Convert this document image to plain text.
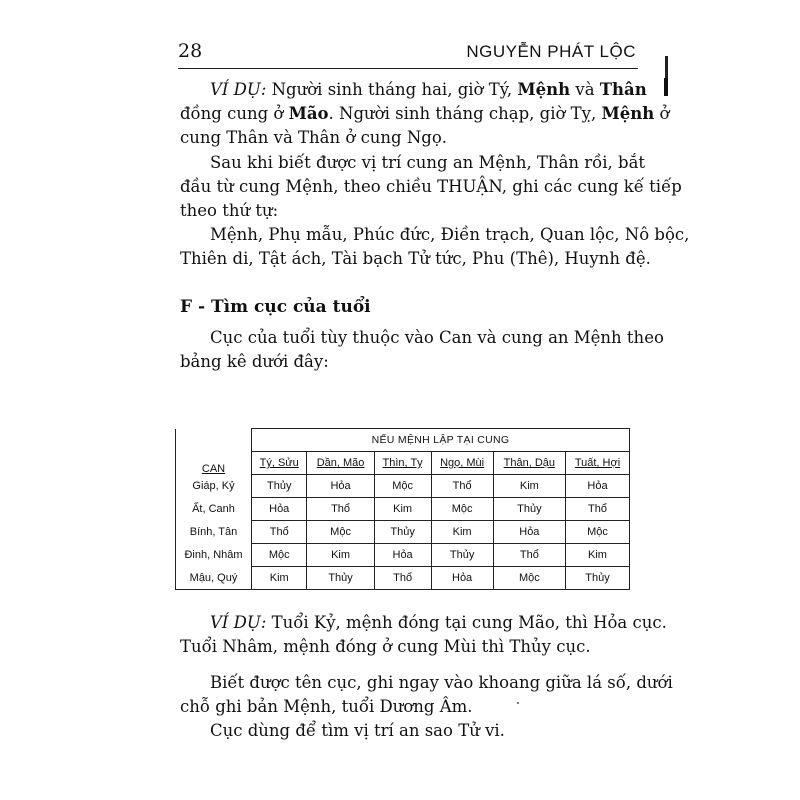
28	NGUYỄN PHÁT LỘC
VÍ DỤ: Người sinh tháng hai, giờ Tý, Mệnh và Thân
đồng cung ở Mão. Người sinh tháng chạp, giờ Tỵ, Mệnh ở
cung Thân và Thân ở cung Ngọ.
Sau khi biết được vị trí cung an Mệnh, Thân rồi, bắt
đầu từ cung Mệnh, theo chiều THUẬN, ghi các cung kế tiếp
theo thứ tự:
Mệnh, Phụ mẫu, Phúc đức, Điền trạch, Quan lộc, Nô bộc,
Thiên di, Tật ách, Tài bạch Tử tức, Phu (Thê), Huynh đệ.
F - Tìm cục của tuổi
Cục của tuổi tùy thuộc vào Can và cung an Mệnh theo
bảng kê dưới đây:
CAN	NẾU MỆNH LẬP TẠI CUNG					
	Tý, Sửu	Dần, Mão	Thìn, Tỵ	Ngọ, Mùi	Thân, Dậu	Tuất, Hợi
Giáp, Kỷ	Thủy	Hỏa	Mộc	Thổ	Kim	Hỏa
Ất, Canh	Hỏa	Thổ	Kim	Mộc	Thủy	Thổ
Bính, Tân	Thổ	Mộc	Thủy	Kim	Hỏa	Mộc
Đinh, Nhâm	Mộc	Kim	Hỏa	Thủy	Thổ	Kim
Mậu, Quý	Kim	Thủy	Thổ	Hỏa	Mộc	Thủy
VÍ DỤ: Tuổi Kỷ, mệnh đóng tại cung Mão, thì Hỏa cục.
Tuổi Nhâm, mệnh đóng ở cung Mùi thì Thủy cục.
Biết được tên cục, ghi ngay vào khoang giữa lá số, dưới
chỗ ghi bản Mệnh, tuổi Dương Âm.
Cục dùng để tìm vị trí an sao Tử vi.
